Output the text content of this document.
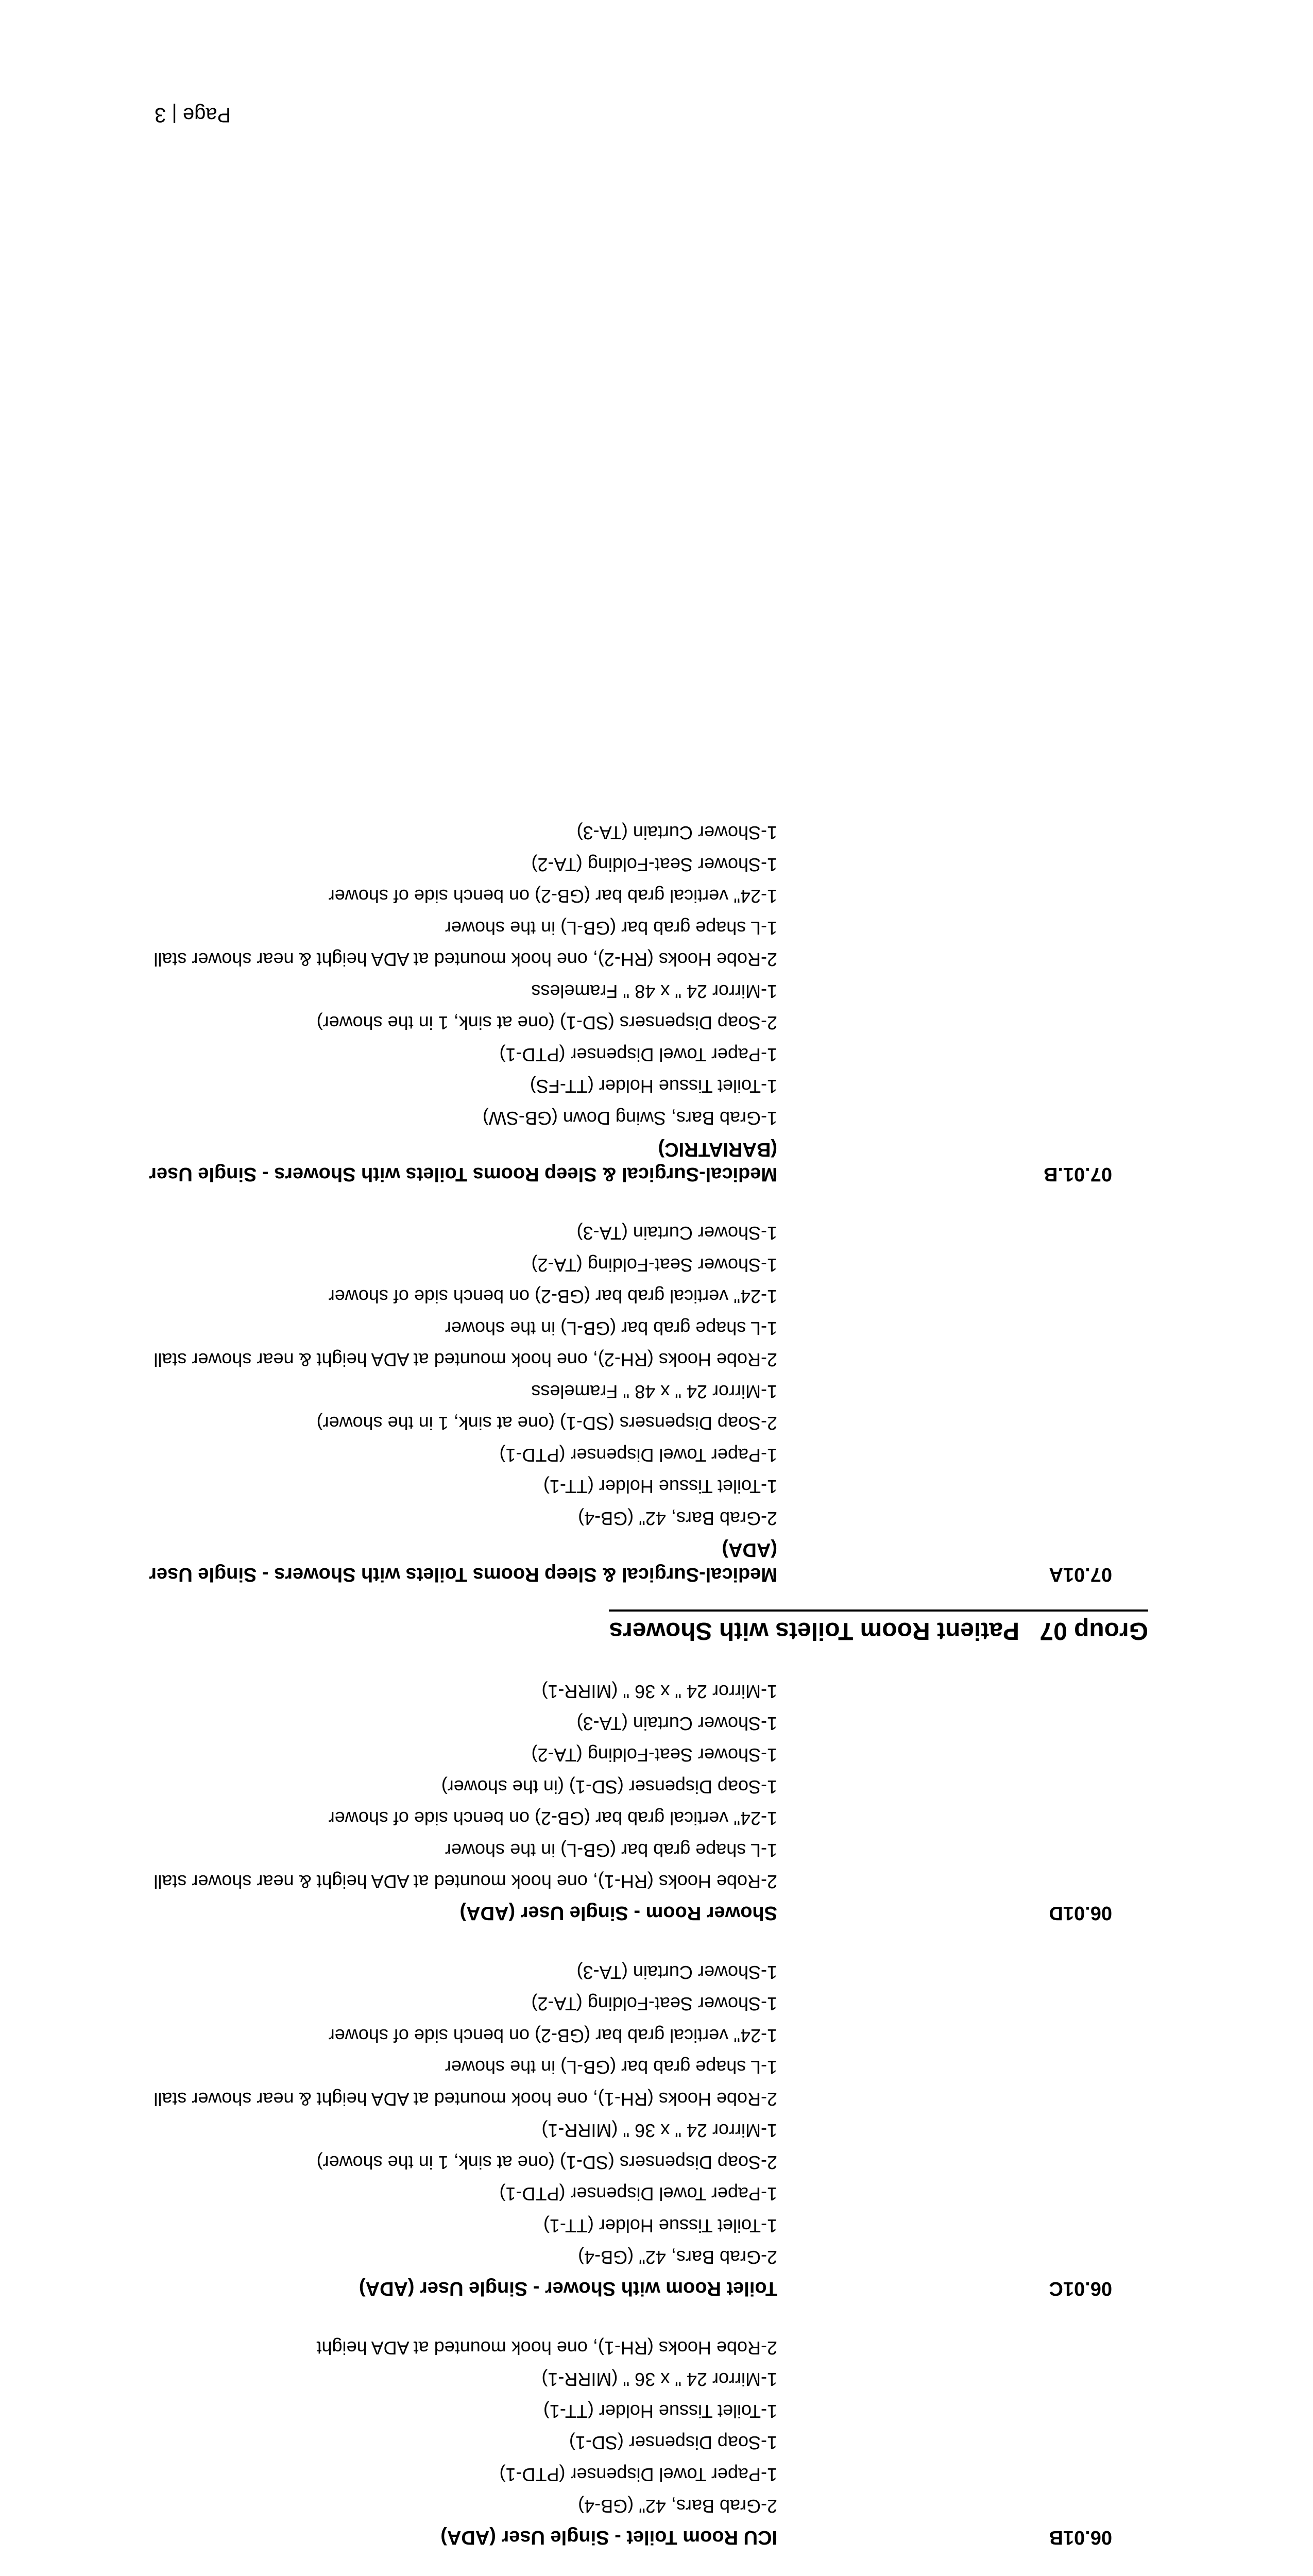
06.01B
ICU Room Toilet - Single User (ADA)
2-Grab Bars, 42" (GB-4)
1-Paper Towel Dispenser (PTD-1)
1-Soap Dispenser (SD-1)
1-Toilet Tissue Holder (TT-1)
1-Mirror 24 " x 36 " (MIRR-1)
2-Robe Hooks (RH-1), one hook mounted at ADA height
06.01C
Toilet Room with Shower - Single User (ADA)
2-Grab Bars, 42" (GB-4)
1-Toilet Tissue Holder (TT-1)
1-Paper Towel Dispenser (PTD-1)
2-Soap Dispensers (SD-1) (one at sink, 1 in the shower)
1-Mirror 24 " x 36 " (MIRR-1)
2-Robe Hooks (RH-1), one hook mounted at ADA height & near shower stall
1-L shape grab bar (GB-L) in the shower
1-24" vertical grab bar (GB-2) on bench side of shower
1-Shower Seat-Folding (TA-2)
1-Shower Curtain (TA-3)
06.01D
Shower Room - Single User (ADA)
2-Robe Hooks (RH-1), one hook mounted at ADA height & near shower stall
1-L shape grab bar (GB-L) in the shower
1-24" vertical grab bar (GB-2) on bench side of shower
1-Soap Dispenser (SD-1) (in the shower)
1-Shower Seat-Folding (TA-2)
1-Shower Curtain (TA-3)
1-Mirror 24 " x 36 " (MIRR-1)
Group 07Patient Room Toilets with Showers
07.01A
Medical-Surgical & Sleep Rooms Toilets with Showers - Single User (ADA)
2-Grab Bars, 42" (GB-4)
1-Toilet Tissue Holder (TT-1)
1-Paper Towel Dispenser (PTD-1)
2-Soap Dispensers (SD-1) (one at sink, 1 in the shower)
1-Mirror 24 " x 48 " Frameless
2-Robe Hooks (RH-2), one hook mounted at ADA height & near shower stall
1-L shape grab bar (GB-L) in the shower
1-24" vertical grab bar (GB-2) on bench side of shower
1-Shower Seat-Folding (TA-2)
1-Shower Curtain (TA-3)
07.01.B
Medical-Surgical & Sleep Rooms Toilets with Showers - Single User (BARIATRIC)
1-Grab Bars, Swing Down (GB-SW)
1-Toilet Tissue Holder (TT-FS)
1-Paper Towel Dispenser (PTD-1)
2-Soap Dispensers (SD-1) (one at sink, 1 in the shower)
1-Mirror 24 " x 48 " Frameless
2-Robe Hooks (RH-2), one hook mounted at ADA height & near shower stall
1-L shape grab bar (GB-L) in the shower
1-24" vertical grab bar (GB-2) on bench side of shower
1-Shower Seat-Folding (TA-2)
1-Shower Curtain (TA-3)
Page | 3
